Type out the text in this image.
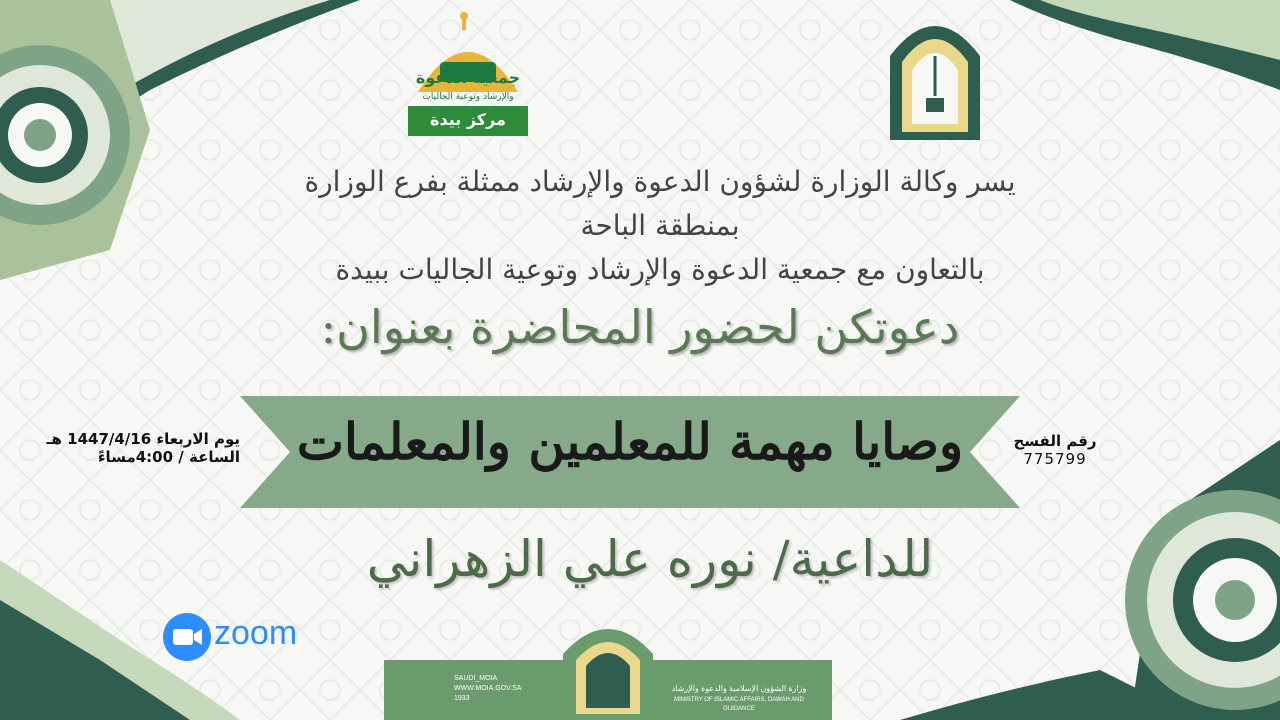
جمعية الدعوة
والإرشاد وتوعية الجاليات
مركز بيدة
يسر وكالة الوزارة لشؤون الدعوة والإرشاد ممثلة بفرع الوزارة
بمنطقة الباحة
بالتعاون مع جمعية الدعوة والإرشاد وتوعية الجاليات ببيدة
دعوتكن لحضور المحاضرة بعنوان:
وصايا مهمة للمعلمين والمعلمات
يوم الاربعاء 1447/4/16 هـ
الساعة / 4:00مساءً
رقم الفسح
775799
للداعية/ نوره علي الزهراني
zoom
SAUDI_MOIA
WWW.MOIA.GOV.SA
1933
وزارة الشؤون الإسلامية والدعوة والإرشاد
MINISTRY OF ISLAMIC AFFAIRS, DAWAH AND GUIDANCE
